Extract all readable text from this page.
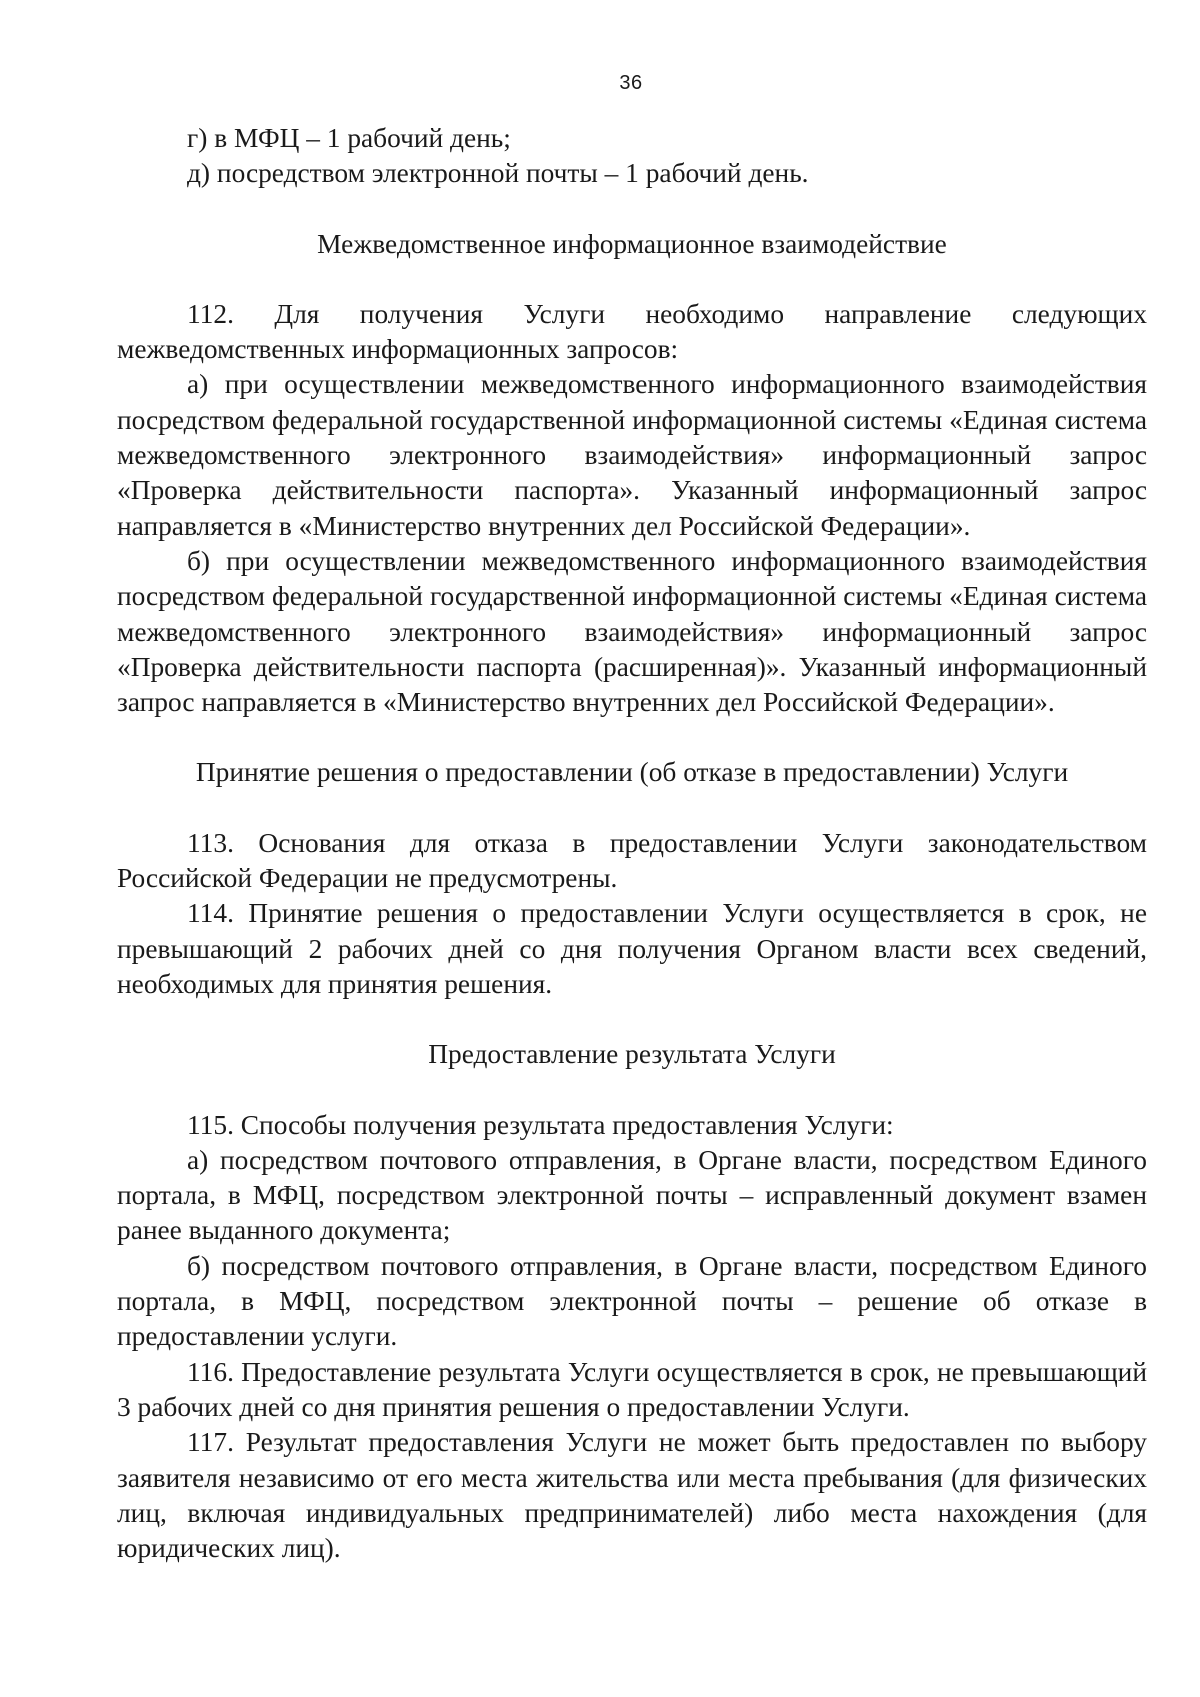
36

г) в МФЦ – 1 рабочий день;

д) посредством электронной почты – 1 рабочий день.

Межведомственное информационное взаимодействие

112. Для получения Услуги необходимо направление следующих межведомственных информационных запросов:

а) при осуществлении межведомственного информационного взаимодействия посредством федеральной государственной информационной системы «Единая система межведомственного электронного взаимодействия» информационный запрос «Проверка действительности паспорта». Указанный информационный запрос направляется в «Министерство внутренних дел Российской Федерации».

б) при осуществлении межведомственного информационного взаимодействия посредством федеральной государственной информационной системы «Единая система межведомственного электронного взаимодействия» информационный запрос «Проверка действительности паспорта (расширенная)». Указанный информационный запрос направляется в «Министерство внутренних дел Российской Федерации».

Принятие решения о предоставлении (об отказе в предоставлении) Услуги

113. Основания для отказа в предоставлении Услуги законодательством Российской Федерации не предусмотрены.

114. Принятие решения о предоставлении Услуги осуществляется в срок, не превышающий 2 рабочих дней со дня получения Органом власти всех сведений, необходимых для принятия решения.

Предоставление результата Услуги

115. Способы получения результата предоставления Услуги:

а) посредством почтового отправления, в Органе власти, посредством Единого портала, в МФЦ, посредством электронной почты – исправленный документ взамен ранее выданного документа;

б) посредством почтового отправления, в Органе власти, посредством Единого портала, в МФЦ, посредством электронной почты – решение об отказе в предоставлении услуги.

116. Предоставление результата Услуги осуществляется в срок, не превышающий 3 рабочих дней со дня принятия решения о предоставлении Услуги.

117. Результат предоставления Услуги не может быть предоставлен по выбору заявителя независимо от его места жительства или места пребывания (для физических лиц, включая индивидуальных предпринимателей) либо места нахождения (для юридических лиц).
